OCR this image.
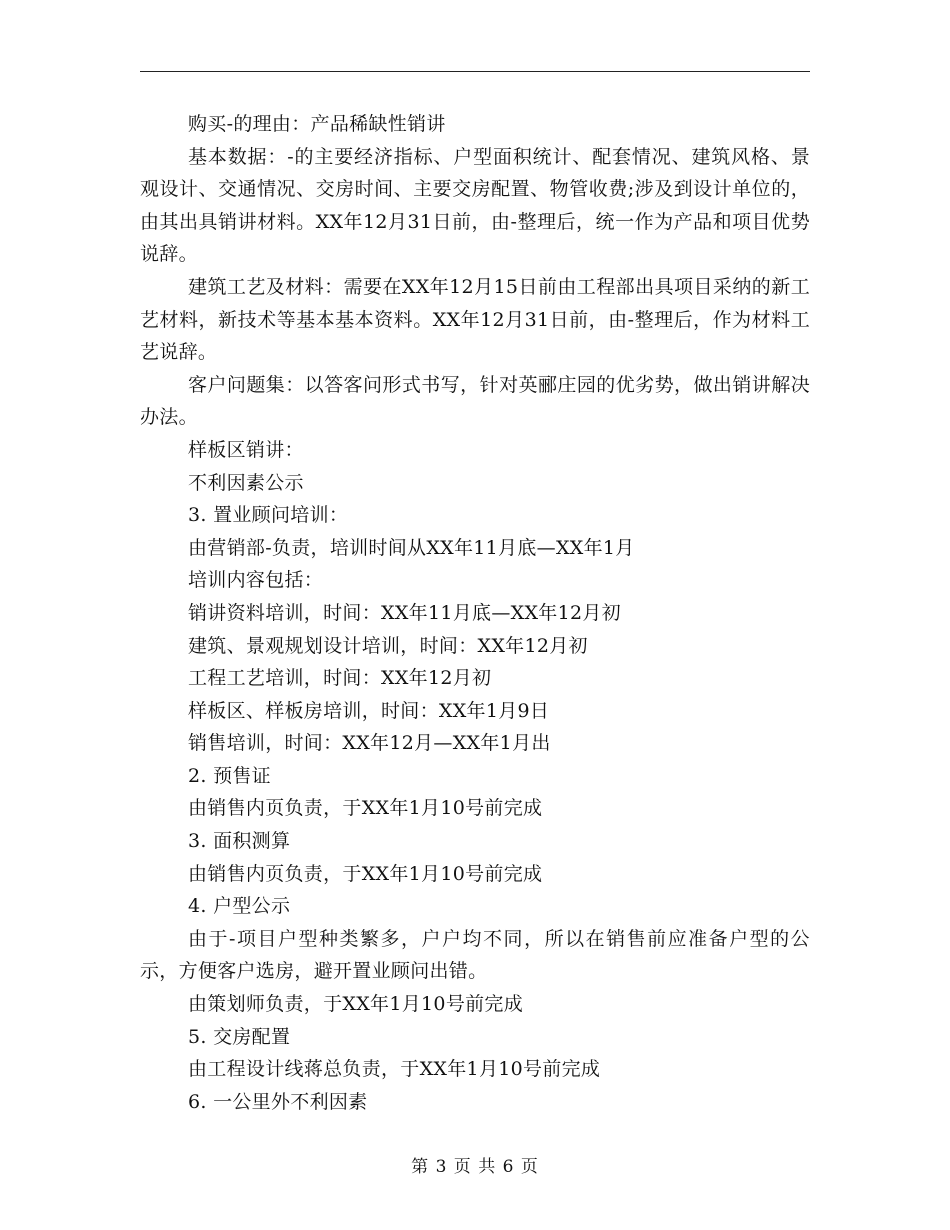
购买-的理由：产品稀缺性销讲

基本数据：-的主要经济指标、户型面积统计、配套情况、建筑风格、景观设计、交通情况、交房时间、主要交房配置、物管收费;涉及到设计单位的，由其出具销讲材料。XX年12月31日前，由-整理后，统一作为产品和项目优势说辞。

建筑工艺及材料：需要在XX年12月15日前由工程部出具项目采纳的新工艺材料，新技术等基本基本资料。XX年12月31日前，由-整理后，作为材料工艺说辞。

客户问题集：以答客问形式书写，针对英郦庄园的优劣势，做出销讲解决办法。

样板区销讲：

不利因素公示

3. 置业顾问培训：

由营销部-负责，培训时间从XX年11月底—XX年1月

培训内容包括：

销讲资料培训，时间：XX年11月底—XX年12月初

建筑、景观规划设计培训，时间：XX年12月初

工程工艺培训，时间：XX年12月初

样板区、样板房培训，时间：XX年1月9日

销售培训，时间：XX年12月—XX年1月出

2. 预售证

由销售内页负责，于XX年1月10号前完成

3. 面积测算

由销售内页负责，于XX年1月10号前完成

4. 户型公示

由于-项目户型种类繁多，户户均不同，所以在销售前应准备户型的公示，方便客户选房，避开置业顾问出错。

由策划师负责，于XX年1月10号前完成

5. 交房配置

由工程设计线蒋总负责，于XX年1月10号前完成

6. 一公里外不利因素

第 3 页 共 6 页
